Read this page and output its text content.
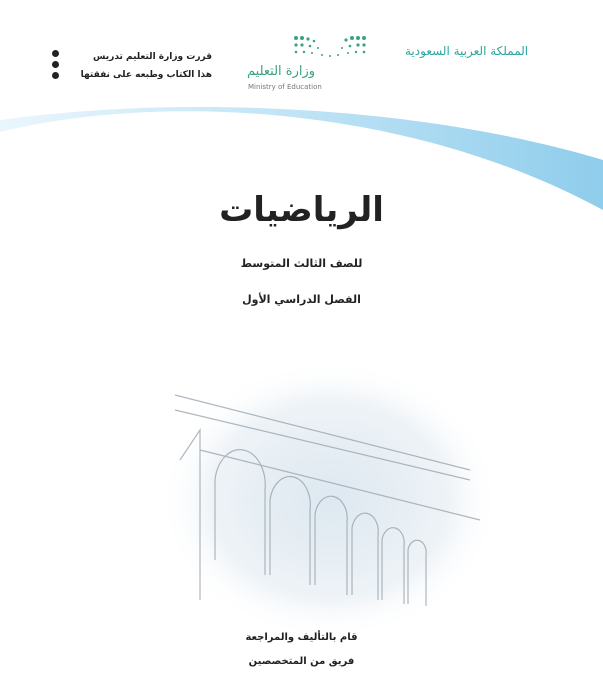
المملكة العربية السعودية
وزارة التعليم
Ministry of Education
قررت وزارة التعليم تدريس
هذا الكتاب وطبعه على نفقتها
الرياضيات
للصف الثالث المتوسط
الفصل الدراسي الأول
قام بالتأليف والمراجعة
فريق من المتخصصين
